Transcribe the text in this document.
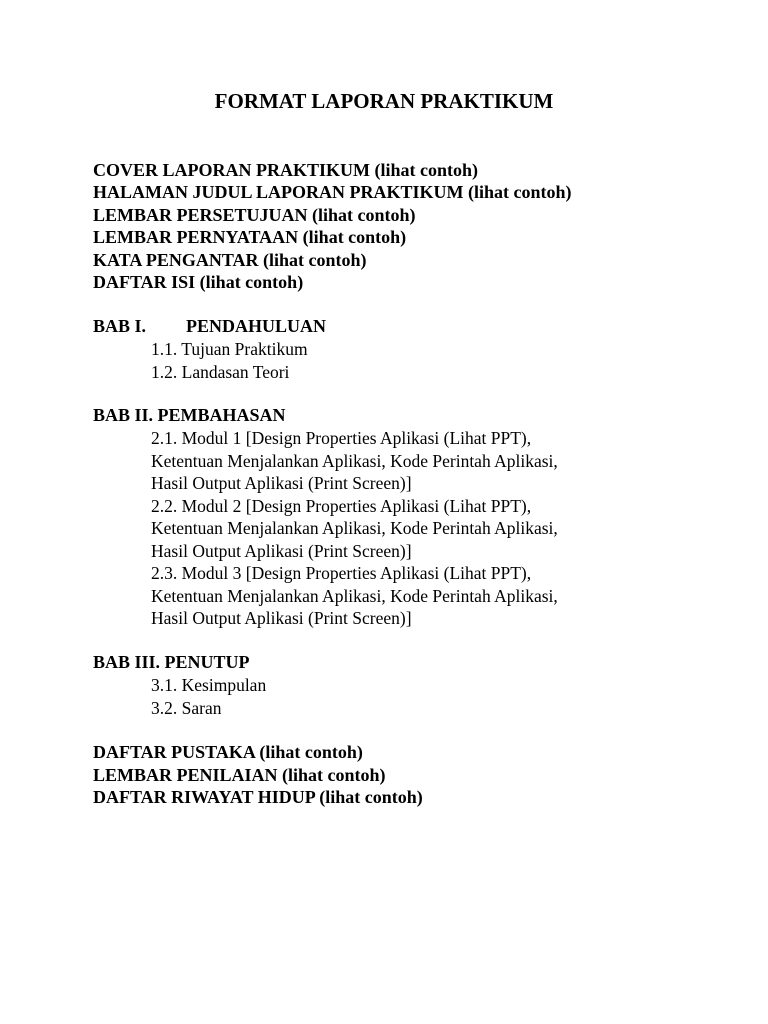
FORMAT LAPORAN PRAKTIKUM
COVER LAPORAN PRAKTIKUM (lihat contoh)
HALAMAN JUDUL LAPORAN PRAKTIKUM (lihat contoh)
LEMBAR PERSETUJUAN (lihat contoh)
LEMBAR PERNYATAAN (lihat contoh)
KATA PENGANTAR (lihat contoh)
DAFTAR ISI (lihat contoh)
BAB I. PENDAHULUAN
1.1. Tujuan Praktikum
1.2. Landasan Teori
BAB II. PEMBAHASAN
2.1. Modul 1 [Design Properties Aplikasi (Lihat PPT),
Ketentuan Menjalankan Aplikasi, Kode Perintah Aplikasi,
Hasil Output Aplikasi (Print Screen)]
2.2. Modul 2 [Design Properties Aplikasi (Lihat PPT),
Ketentuan Menjalankan Aplikasi, Kode Perintah Aplikasi,
Hasil Output Aplikasi (Print Screen)]
2.3. Modul 3 [Design Properties Aplikasi (Lihat PPT),
Ketentuan Menjalankan Aplikasi, Kode Perintah Aplikasi,
Hasil Output Aplikasi (Print Screen)]
BAB III. PENUTUP
3.1. Kesimpulan
3.2. Saran
DAFTAR PUSTAKA (lihat contoh)
LEMBAR PENILAIAN (lihat contoh)
DAFTAR RIWAYAT HIDUP (lihat contoh)
